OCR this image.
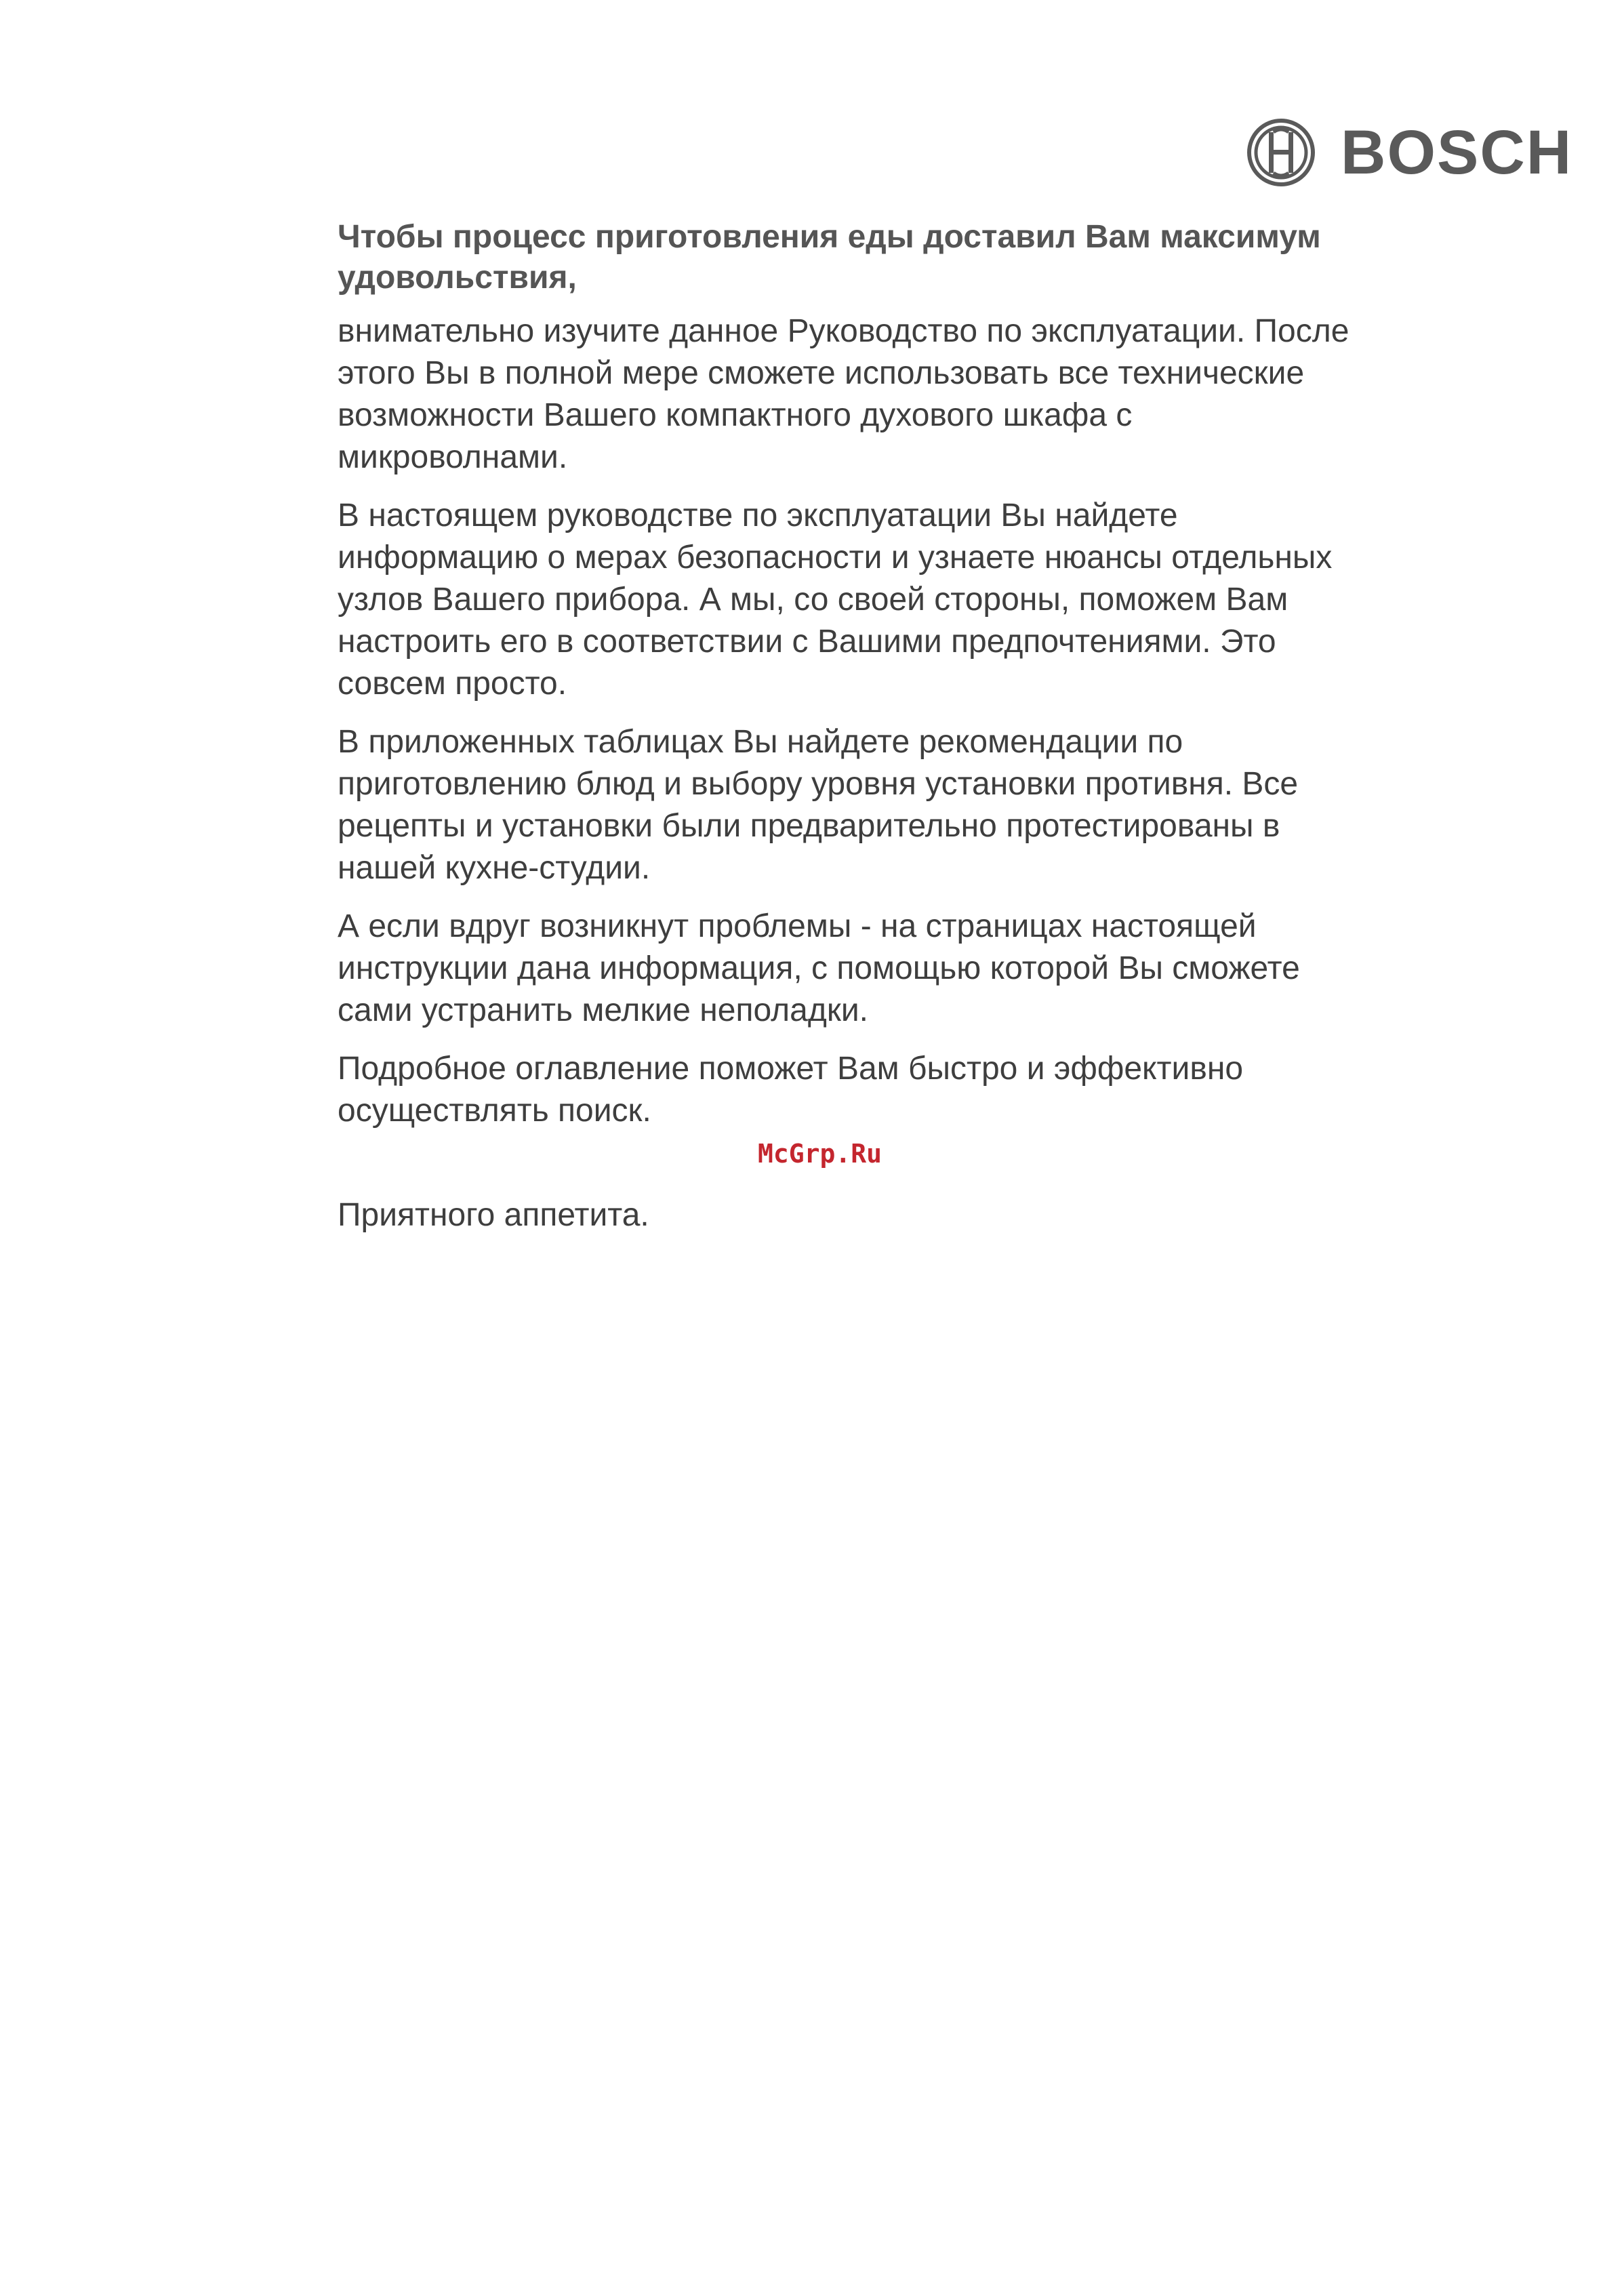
BOSCH

Чтобы процесс приготовления еды доставил Вам максимум удовольствия,

внимательно изучите данное Руководство по эксплуатации. После этого Вы в полной мере сможете использовать все технические возможности Вашего компактного духового шкафа с микроволнами.

В настоящем руководстве по эксплуатации Вы найдете информацию о мерах безопасности и узнаете нюансы отдельных узлов Вашего прибора. А мы, со своей стороны, поможем Вам настроить его в соответствии с Вашими предпочтениями. Это совсем просто.

В приложенных таблицах Вы найдете рекомендации по приготовлению блюд и выбору уровня установки противня. Все рецепты и установки были предварительно протестированы в нашей кухне-студии.

А если вдруг возникнут проблемы - на страницах настоящей инструкции дана информация, с помощью которой Вы сможете сами устранить мелкие неполадки.

Подробное оглавление поможет Вам быстро и эффективно осуществлять поиск.

McGrp.Ru

Приятного аппетита.
